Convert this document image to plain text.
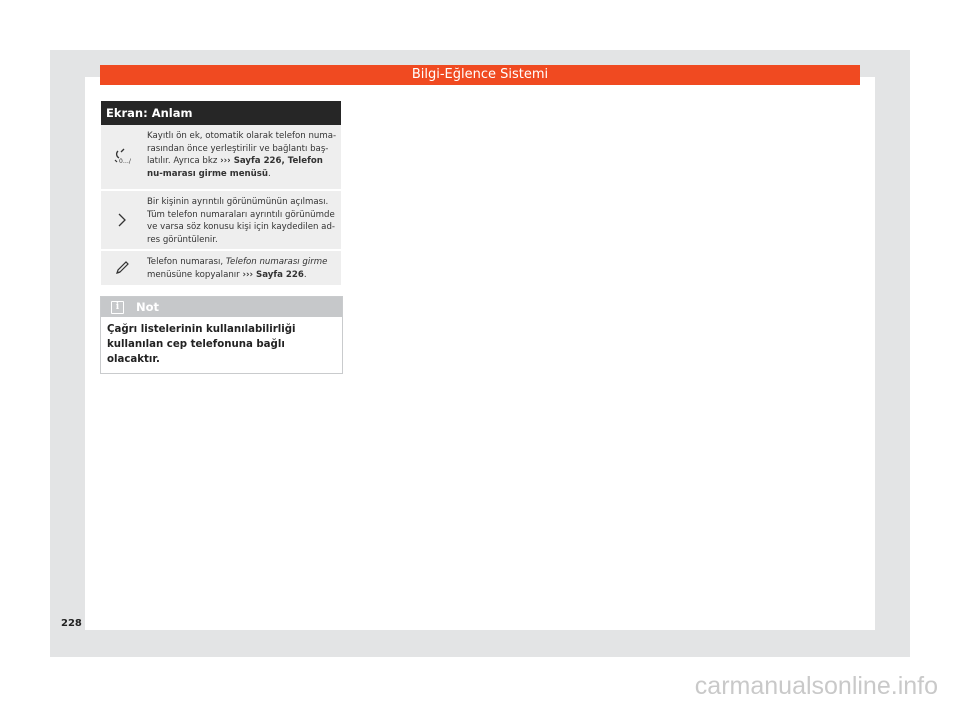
Bilgi-Eğlence Sistemi
Ekran: Anlam
0…/
Kayıtlı ön ek, otomatik olarak telefon numa-rasından önce yerleştirilir ve bağlantı baş-latılır. Ayrıca bkz ››› Sayfa 226, Telefon nu-marası girme menüsü.
Bir kişinin ayrıntılı görünümünün açılması. Tüm telefon numaraları ayrıntılı görünümde ve varsa söz konusu kişi için kaydedilen ad-res görüntülenir.
Telefon numarası, Telefon numarası girme menüsüne kopyalanır ››› Sayfa 226.
i	Not
Çağrı listelerinin kullanılabilirliği kullanılan cep telefonuna bağlı olacaktır.
228
carmanualsonline.info
